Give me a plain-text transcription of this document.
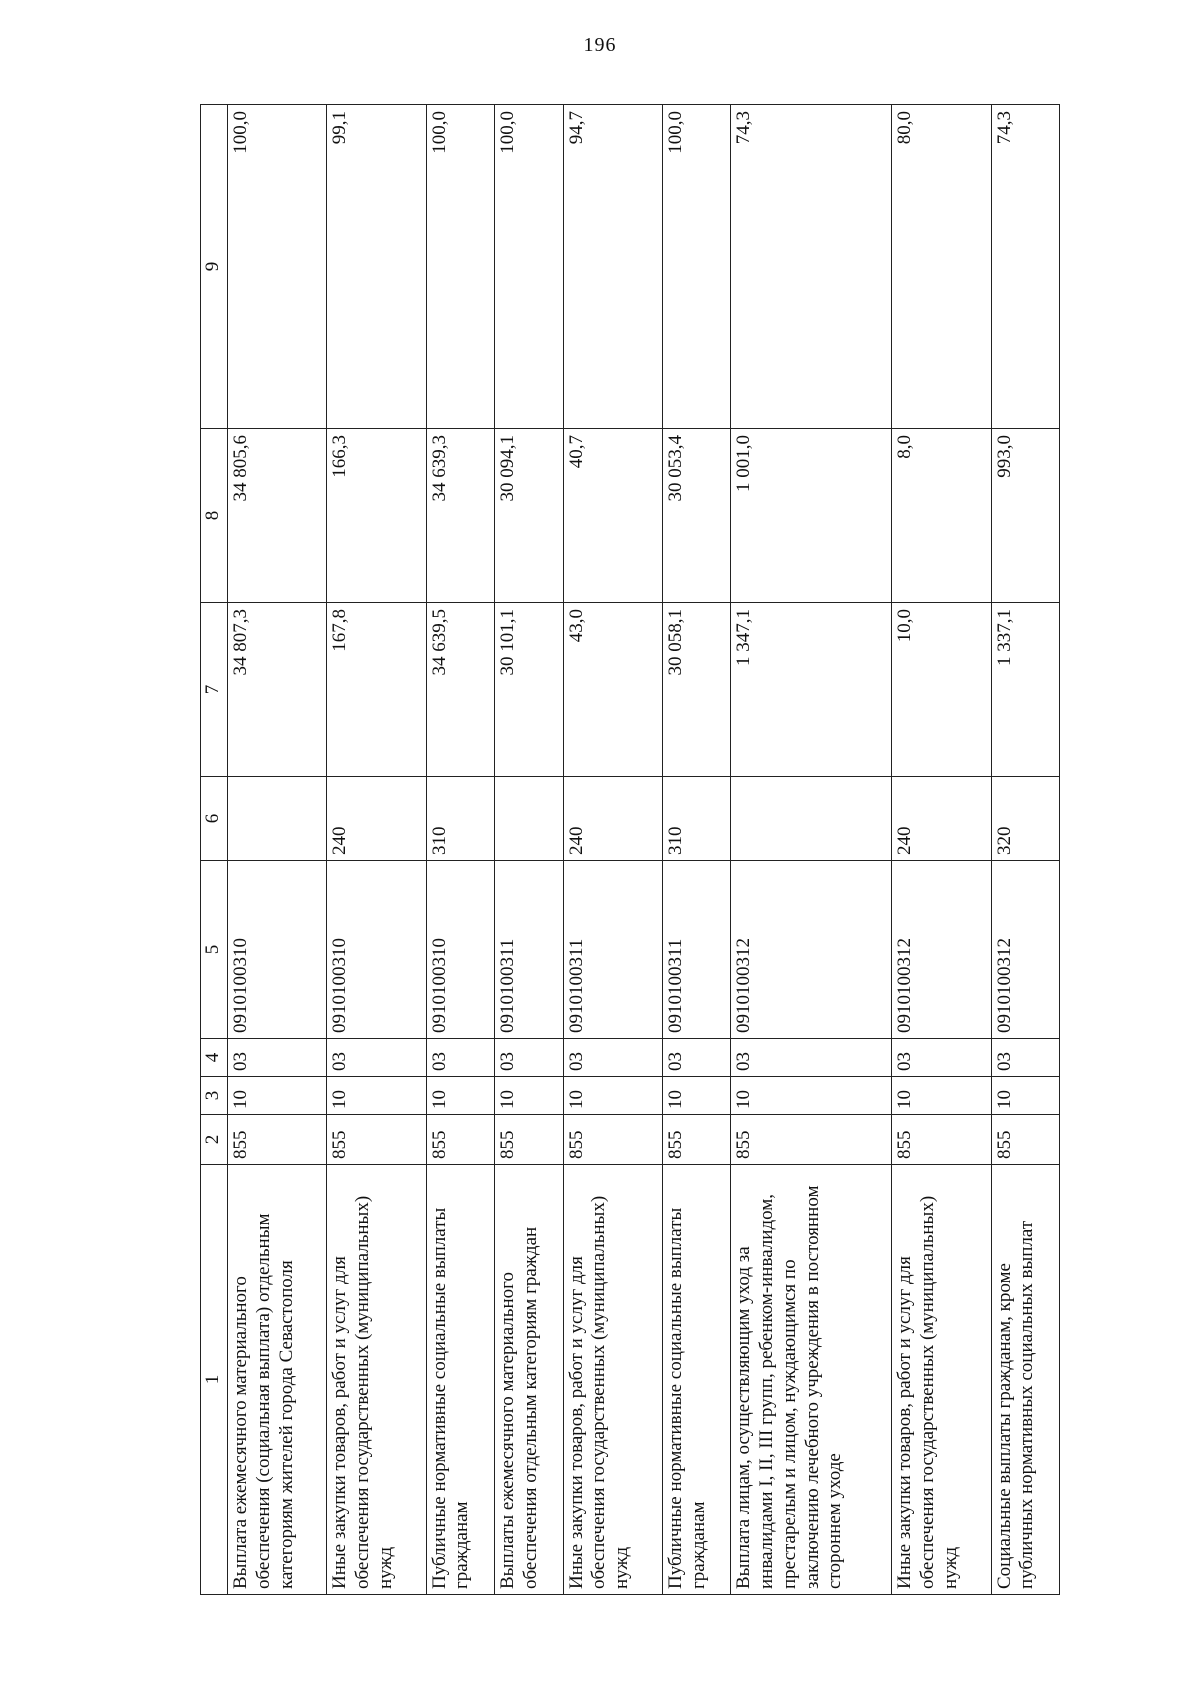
196
1	2	3	4	5	6	7	8	9
Выплата ежемесячного материального обеспечения (социальная выплата) отдельным категориям жителей города Севастополя	855	10	03	0910100310		34 807,3	34 805,6	100,0
Иные закупки товаров, работ и услуг для обеспечения государственных (муниципальных) нужд	855	10	03	0910100310	240	167,8	166,3	99,1
Публичные нормативные социальные выплаты гражданам	855	10	03	0910100310	310	34 639,5	34 639,3	100,0
Выплаты ежемесячного материального обеспечения отдельным категориям граждан	855	10	03	0910100311		30 101,1	30 094,1	100,0
Иные закупки товаров, работ и услуг для обеспечения государственных (муниципальных) нужд	855	10	03	0910100311	240	43,0	40,7	94,7
Публичные нормативные социальные выплаты гражданам	855	10	03	0910100311	310	30 058,1	30 053,4	100,0
Выплата лицам, осуществляющим уход за инвалидами I, II, III групп, ребенком-инвалидом, престарелым и лицом, нуждающимся по заключению лечебного учреждения в постоянном стороннем уходе	855	10	03	0910100312		1 347,1	1 001,0	74,3
Иные закупки товаров, работ и услуг для обеспечения государственных (муниципальных) нужд	855	10	03	0910100312	240	10,0	8,0	80,0
Социальные выплаты гражданам, кроме публичных нормативных социальных выплат	855	10	03	0910100312	320	1 337,1	993,0	74,3
